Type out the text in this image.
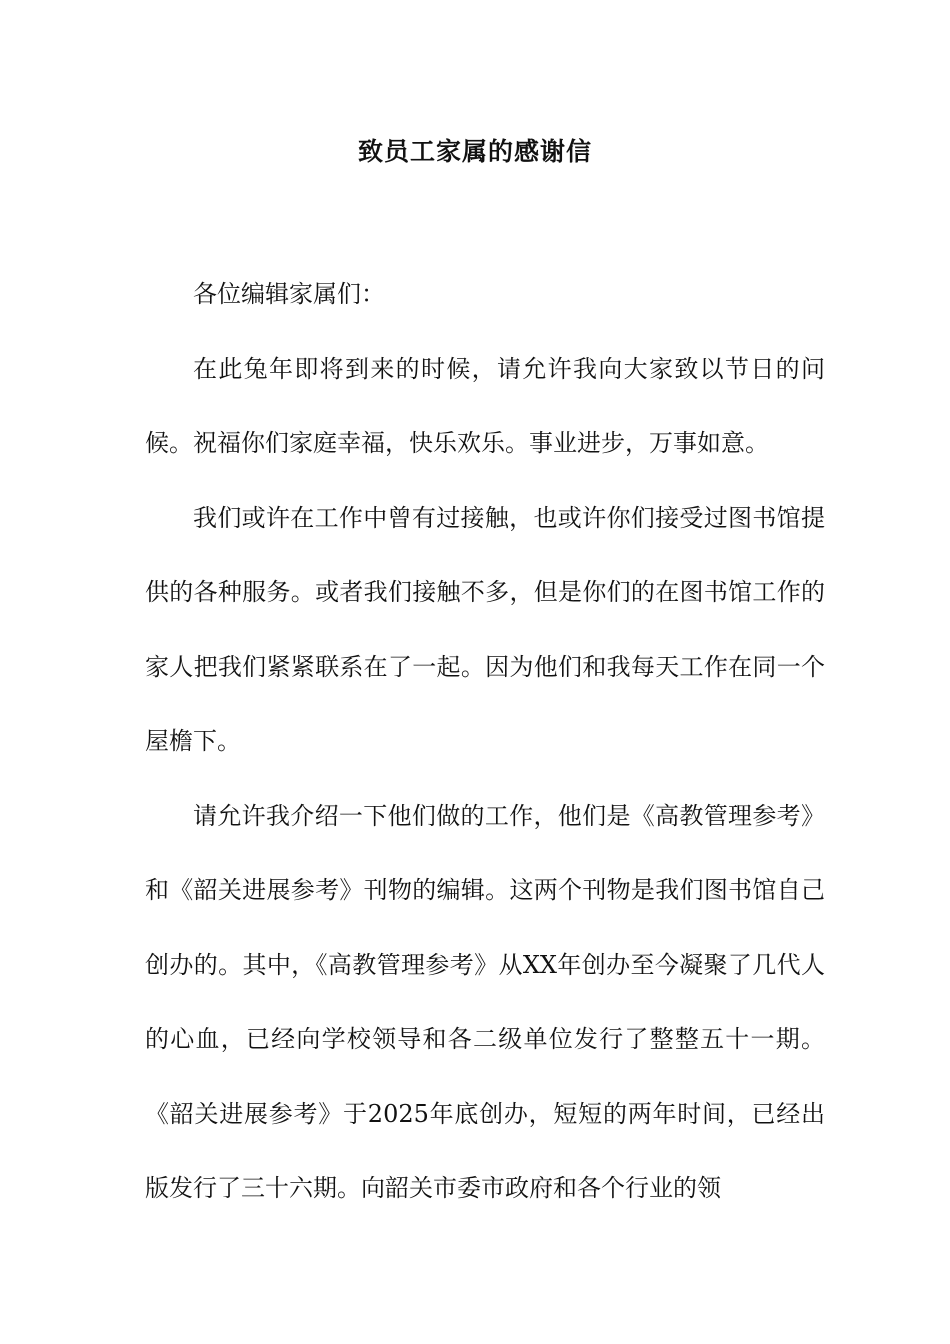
致员工家属的感谢信

各位编辑家属们：

在此兔年即将到来的时候，请允许我向大家致以节日的问候。祝福你们家庭幸福，快乐欢乐。事业进步，万事如意。

我们或许在工作中曾有过接触，也或许你们接受过图书馆提供的各种服务。或者我们接触不多，但是你们的在图书馆工作的家人把我们紧紧联系在了一起。因为他们和我每天工作在同一个屋檐下。

请允许我介绍一下他们做的工作，他们是《高教管理参考》和《韶关进展参考》刊物的编辑。这两个刊物是我们图书馆自己创办的。其中，《高教管理参考》从XX年创办至今凝聚了几代人的心血，已经向学校领导和各二级单位发行了整整五十一期。《韶关进展参考》于2025年底创办，短短的两年时间，已经出版发行了三十六期。向韶关市委市政府和各个行业的领
